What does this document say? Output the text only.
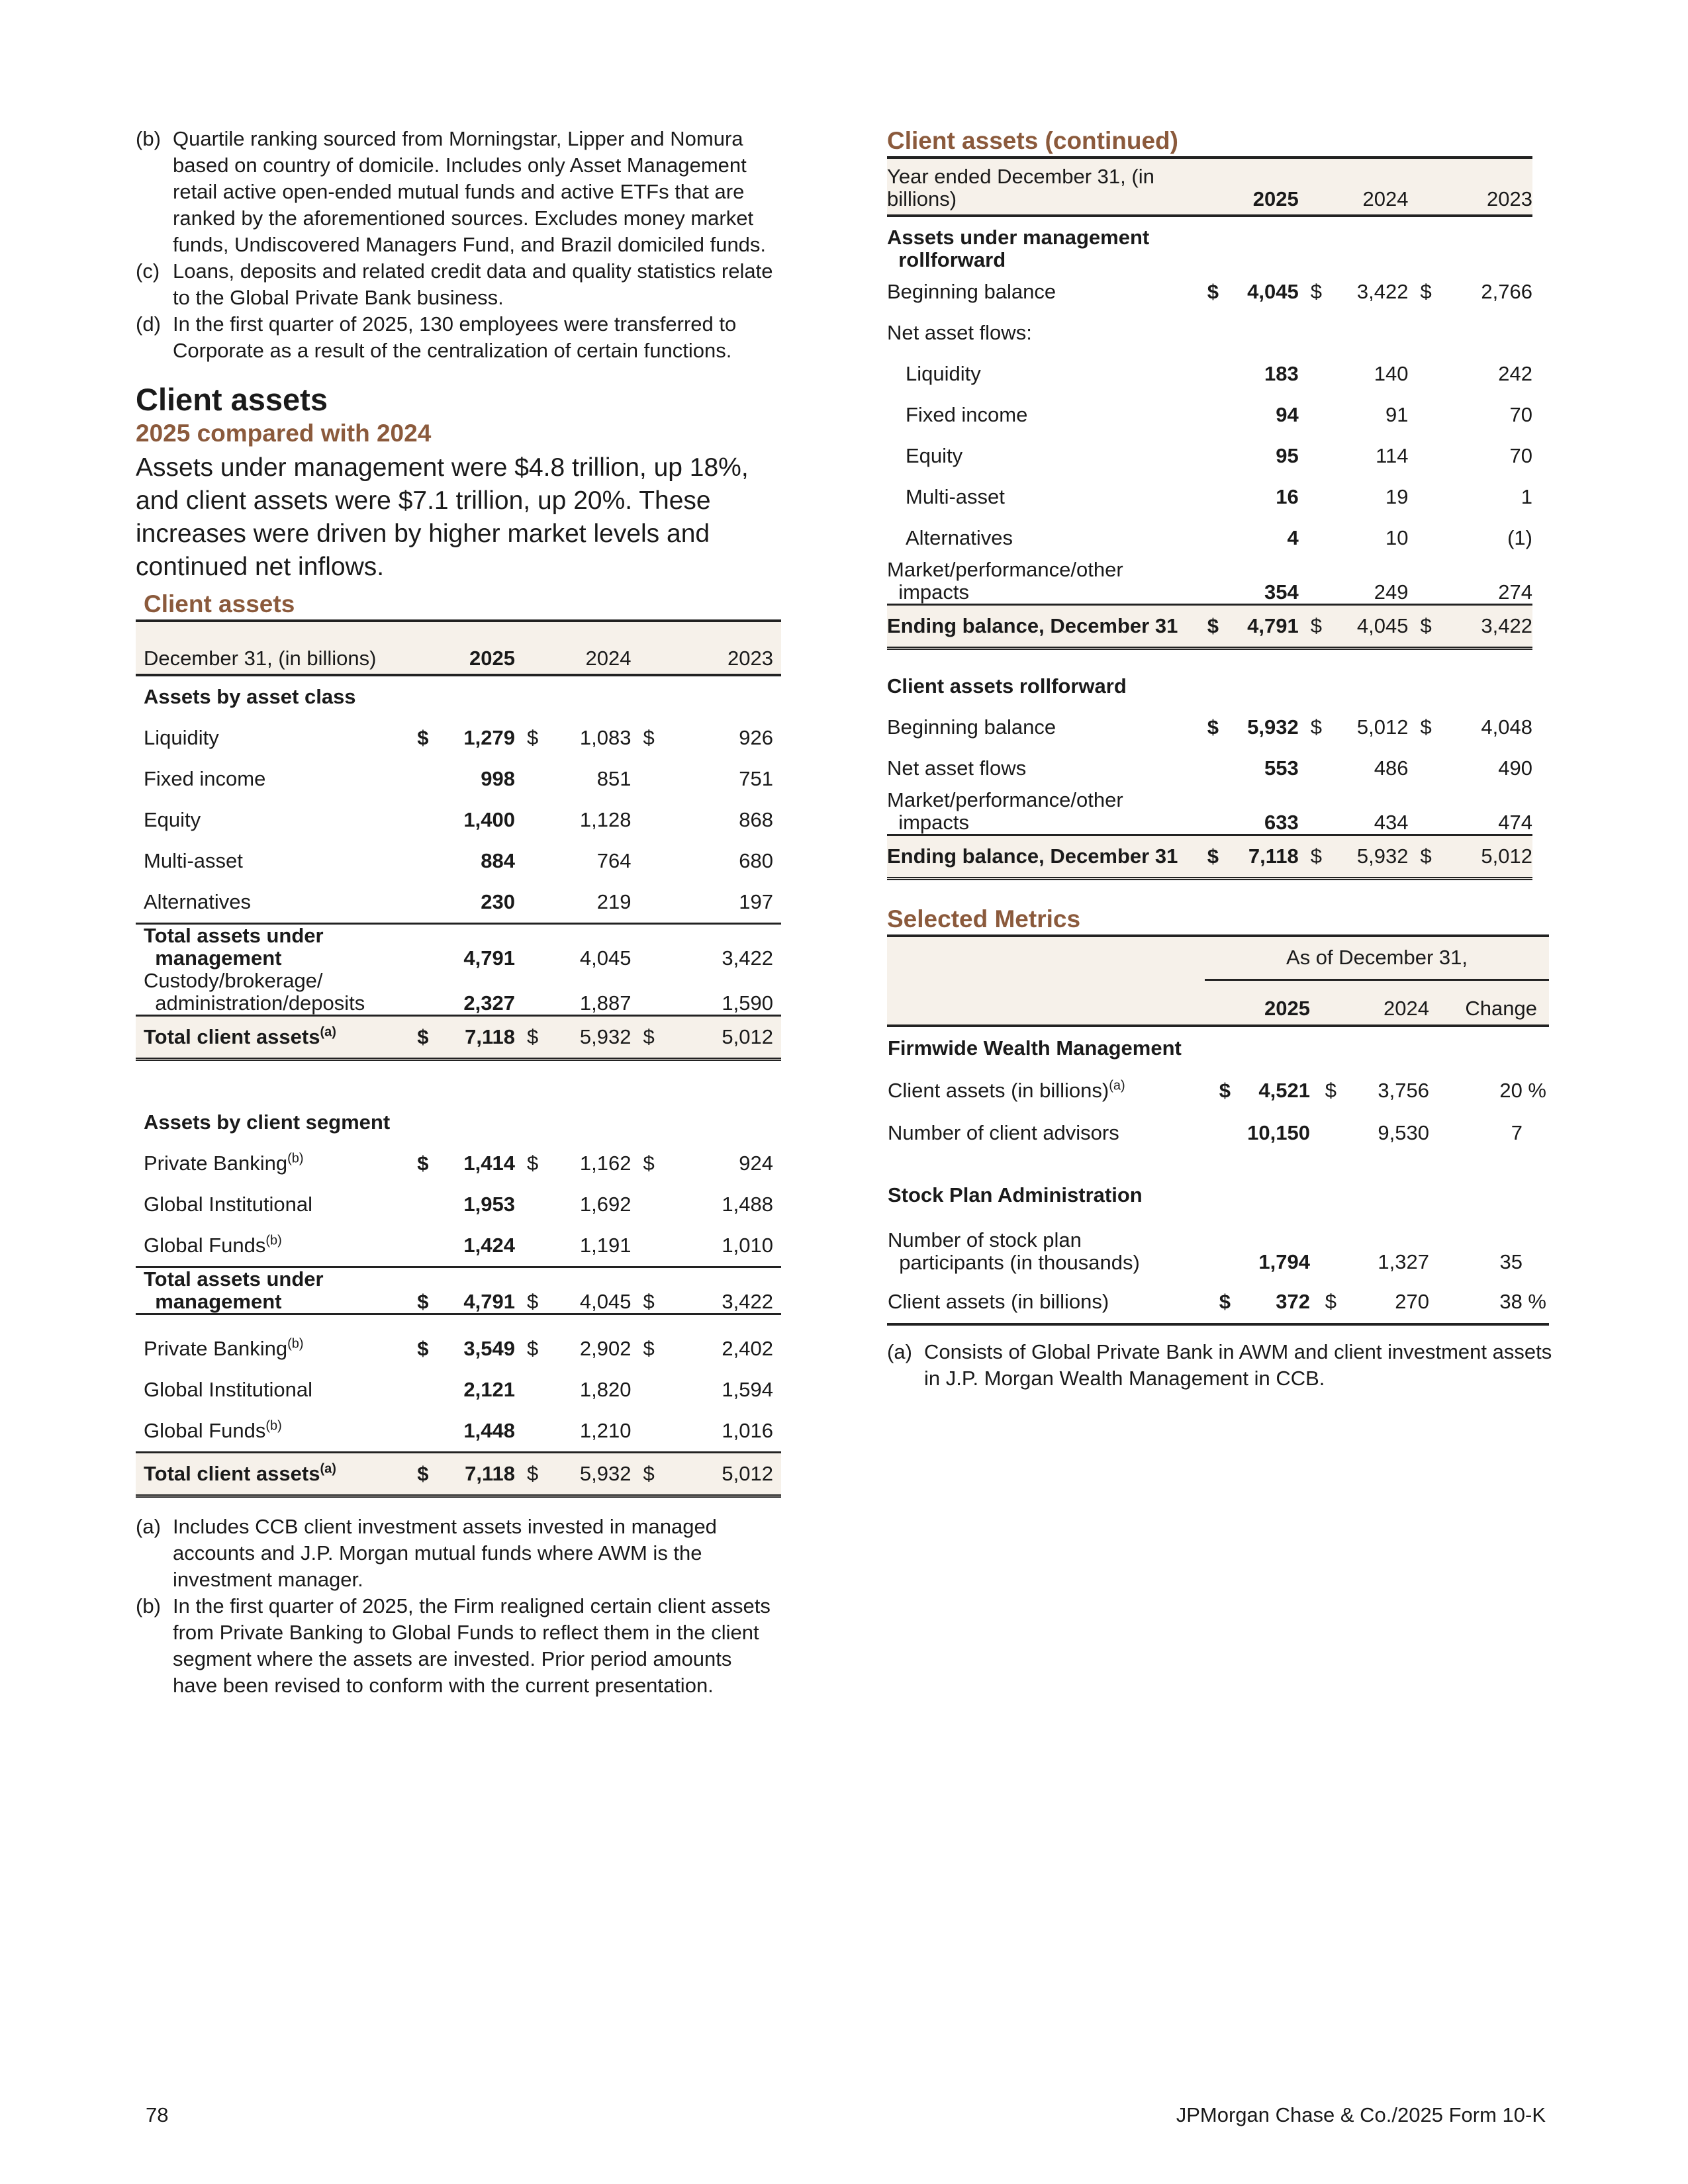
(b) Quartile ranking sourced from Morningstar, Lipper and Nomura based on country of domicile. Includes only Asset Management retail active open-ended mutual funds and active ETFs that are ranked by the aforementioned sources. Excludes money market funds, Undiscovered Managers Fund, and Brazil domiciled funds.
(c) Loans, deposits and related credit data and quality statistics relate to the Global Private Bank business.
(d) In the first quarter of 2025, 130 employees were transferred to Corporate as a result of the centralization of certain functions.
Client assets
2025 compared with 2024
Assets under management were $4.8 trillion, up 18%, and client assets were $7.1 trillion, up 20%. These increases were driven by higher market levels and continued net inflows.
Client assets
December 31, (in billions)		2025		2024		2023
Assets by asset class						
Liquidity	$	1,279	$	1,083	$	926
Fixed income		998		851		751
Equity		1,400		1,128		868
Multi-asset		884		764		680
Alternatives		230		219		197
Total assets under
management		4,791		4,045		3,422
Custody/brokerage/
administration/deposits		2,327		1,887		1,590
Total client assets$^{(a)}$	$	7,118	$	5,932	$	5,012

Assets by client segment						
Private Banking$^{(b)}$	$	1,414	$	1,162	$	924
Global Institutional		1,953		1,692		1,488
Global Funds$^{(b)}$		1,424		1,191		1,010
Total assets under
management	$	4,791	$	4,045	$	3,422

Private Banking$^{(b)}$	$	3,549	$	2,902	$	2,402
Global Institutional		2,121		1,820		1,594
Global Funds$^{(b)}$		1,448		1,210		1,016
Total client assets$^{(a)}$	$	7,118	$	5,932	$	5,012
(a) Includes CCB client investment assets invested in managed accounts and J.P. Morgan mutual funds where AWM is the investment manager.
(b) In the first quarter of 2025, the Firm realigned certain client assets from Private Banking to Global Funds to reflect them in the client segment where the assets are invested. Prior period amounts have been revised to conform with the current presentation.
Client assets (continued)
Year ended December 31, (in billions)		2025		2024		2023
Assets under management
rollforward						
Beginning balance	$	4,045	$	3,422	$	2,766
Net asset flows:						
Liquidity		183		140		242
Fixed income		94		91		70
Equity		95		114		70
Multi-asset		16		19		1
Alternatives		4		10		(1)
Market/performance/other
impacts		354		249		274
Ending balance, December 31	$	4,791	$	4,045	$	3,422

Client assets rollforward						
Beginning balance	$	5,932	$	5,012	$	4,048
Net asset flows		553		486		490
Market/performance/other
impacts		633		434		474
Ending balance, December 31	$	7,118	$	5,932	$	5,012
Selected Metrics
	As of December 31,				
		2025		2024	Change
Firmwide Wealth Management					
Client assets (in billions)$^{(a)}$	$	4,521	$	3,756	20 %
Number of client advisors		10,150		9,530	7

Stock Plan Administration					
Number of stock plan
participants (in thousands)		1,794		1,327	35
Client assets (in billions)	$	372	$	270	38 %
(a) Consists of Global Private Bank in AWM and client investment assets in J.P. Morgan Wealth Management in CCB.
78	JPMorgan Chase & Co./2025 Form 10-K
